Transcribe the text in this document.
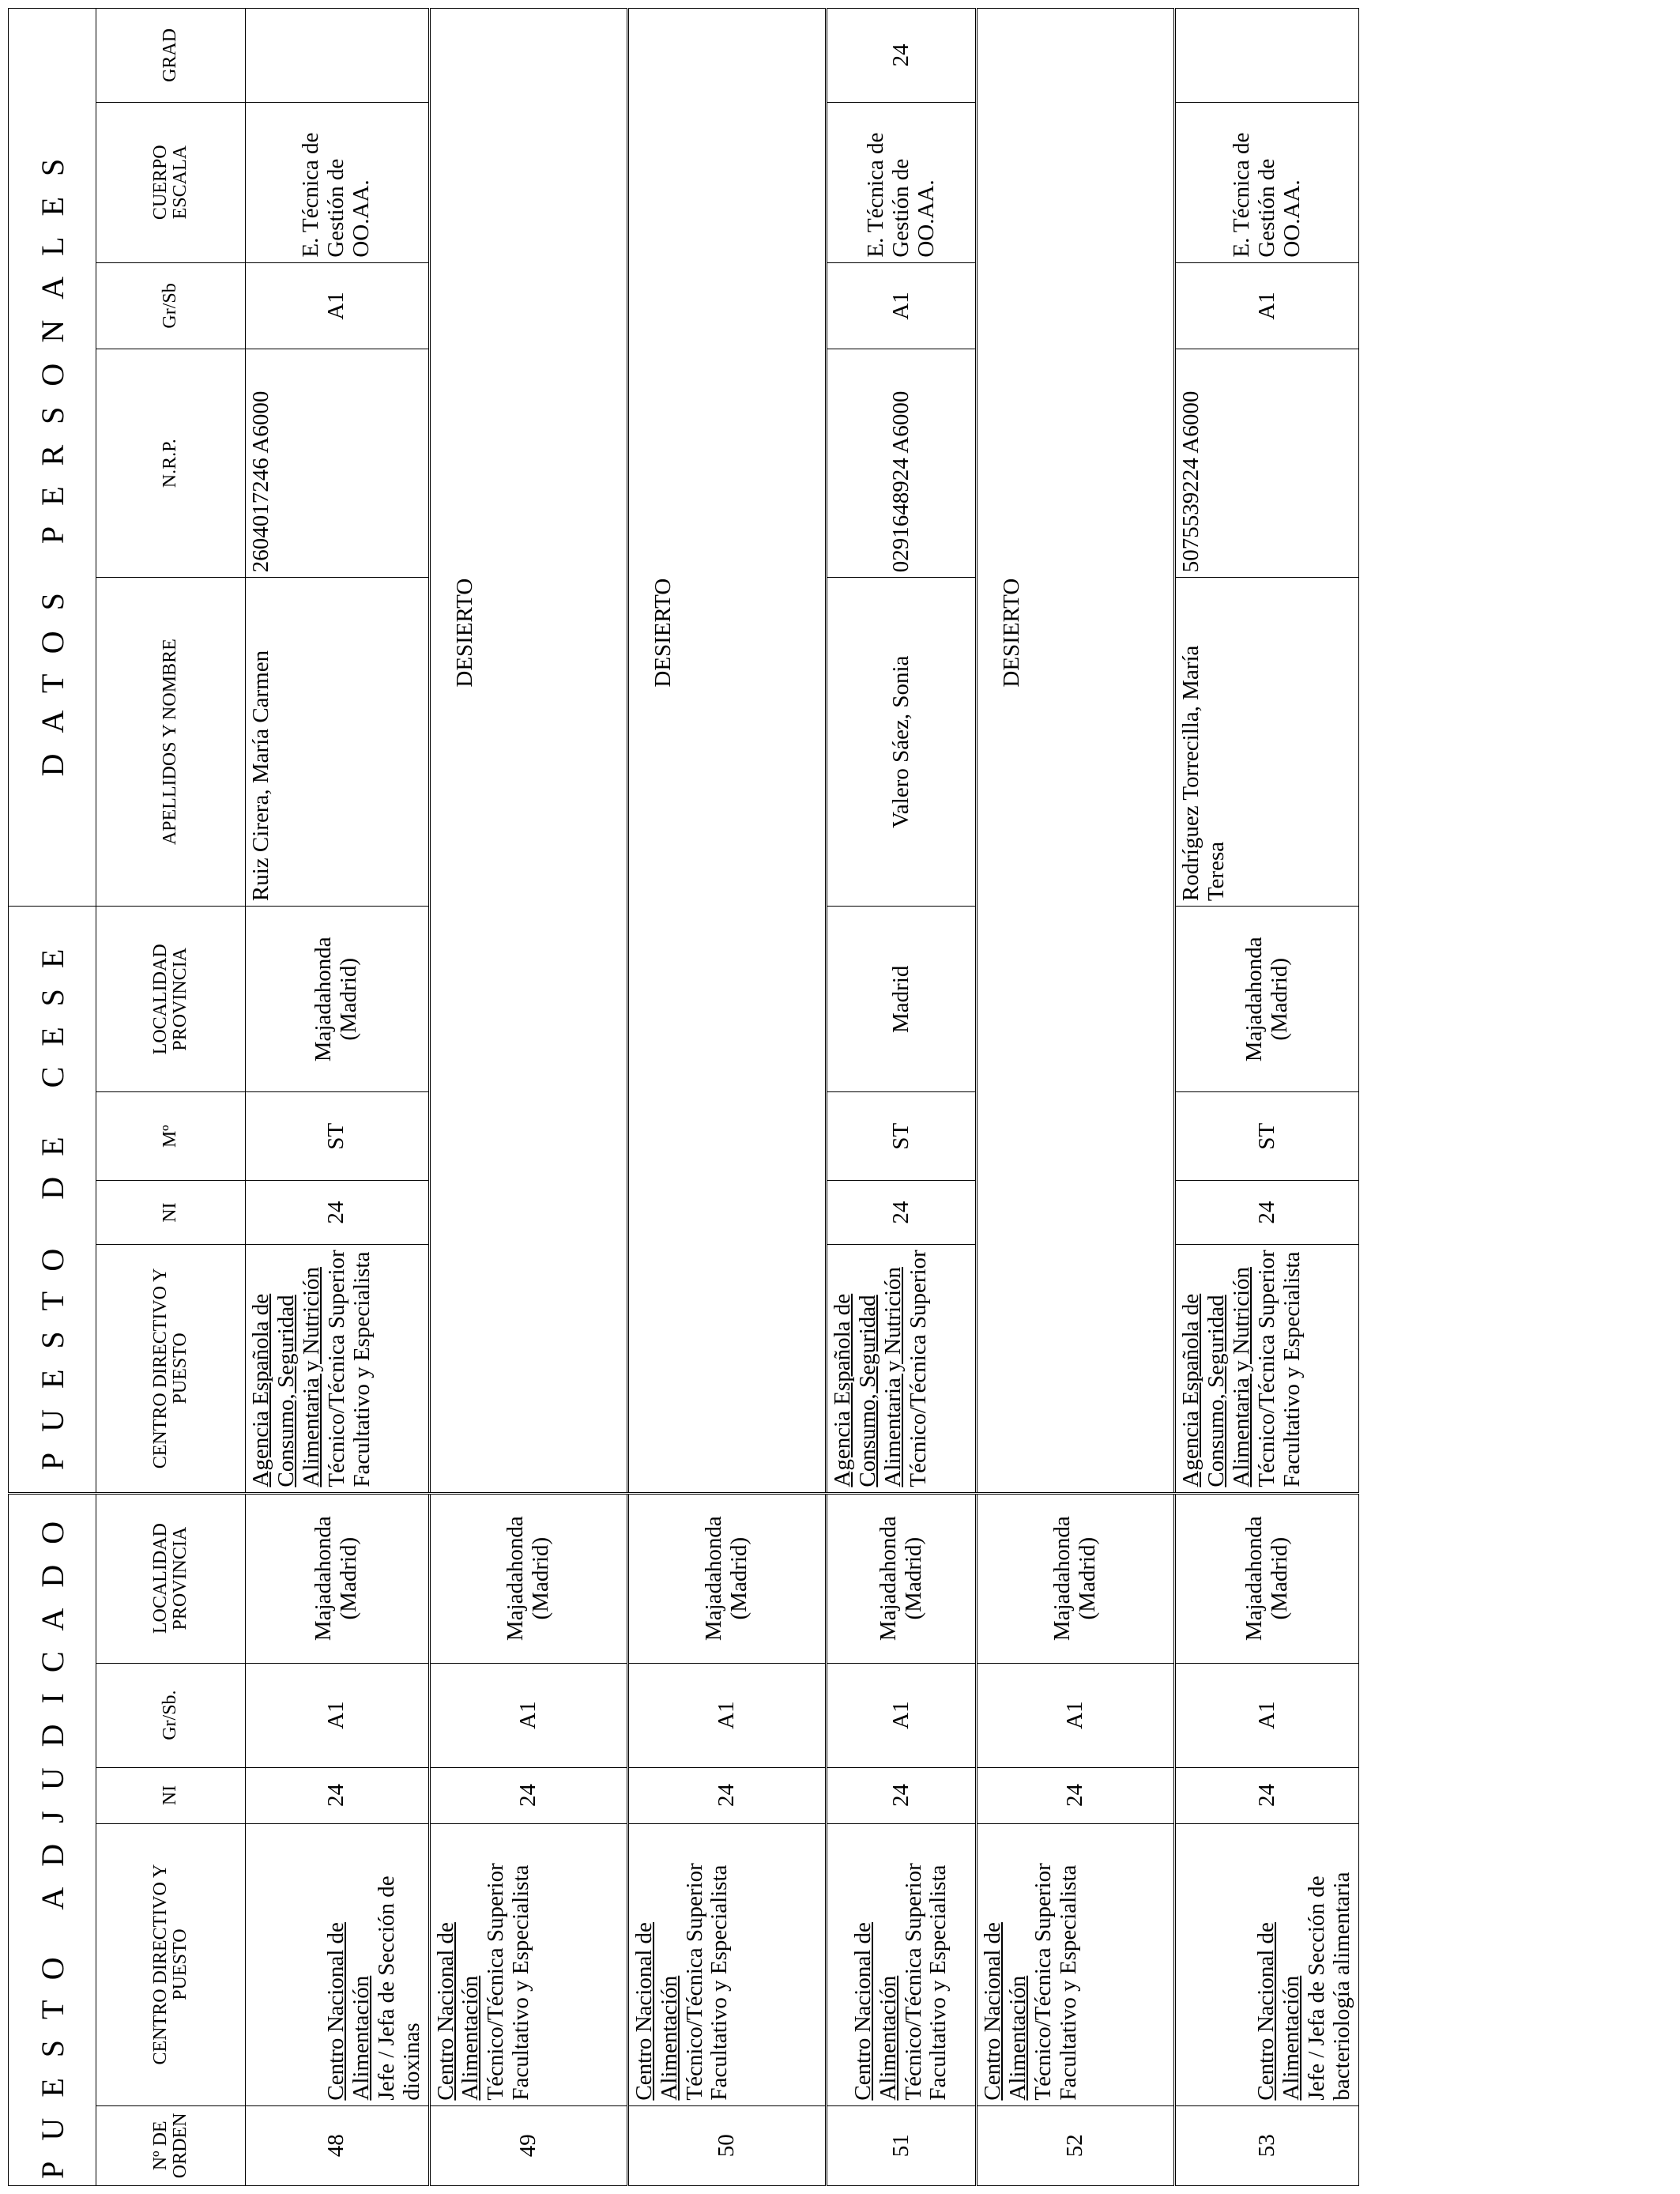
PUESTO ADJUDICADO					PUESTO DE CESE				DATOS PERSONALES				
Nº DE ORDEN	CENTRO DIRECTIVO Y PUESTO	NI	Gr/Sb.	LOCALIDAD PROVINCIA	CENTRO DIRECTIVO Y PUESTO	NI	Mº	LOCALIDAD PROVINCIA	APELLIDOS Y NOMBRE	N.R.P.	Gr/Sb	CUERPO ESCALA	GRAD
48	Centro Nacional de Alimentación Jefe / Jefa de Sección de dioxinas	24	A1	Majadahonda (Madrid)	Agencia Española de Consumo, Seguridad Alimentaria y Nutrición Técnico/Técnica Superior Facultativo y Especialista	24	ST	Majadahonda (Madrid)	Ruiz Cirera, María Carmen	2604017246 A6000	A1	E. Técnica de Gestión de OO.AA.	
49	Centro Nacional de Alimentación Técnico/Técnica Superior Facultativo y Especialista	24	A1	Majadahonda (Madrid)	DESIERTO								

50	Centro Nacional de Alimentación Técnico/Técnica Superior Facultativo y Especialista	24	A1	Majadahonda (Madrid)	DESIERTO								

51	Centro Nacional de Alimentación Técnico/Técnica Superior Facultativo y Especialista	24	A1	Majadahonda (Madrid)	Agencia Española de Consumo, Seguridad Alimentaria y Nutrición Técnico/Técnica Superior	24	ST	Madrid	Valero Sáez, Sonia	0291648924 A6000	A1	E. Técnica de Gestión de OO.AA.	24
52	Centro Nacional de Alimentación Técnico/Técnica Superior Facultativo y Especialista	24	A1	Majadahonda (Madrid)	DESIERTO								

53	Centro Nacional de Alimentación Jefe / Jefa de Sección de bacteriología alimentaria	24	A1	Majadahonda (Madrid)	Agencia Española de Consumo, Seguridad Alimentaria y Nutrición Técnico/Técnica Superior Facultativo y Especialista	24	ST	Majadahonda (Madrid)	Rodríguez Torrecilla, María Teresa	5075539224 A6000	A1	E. Técnica de Gestión de OO.AA.	
